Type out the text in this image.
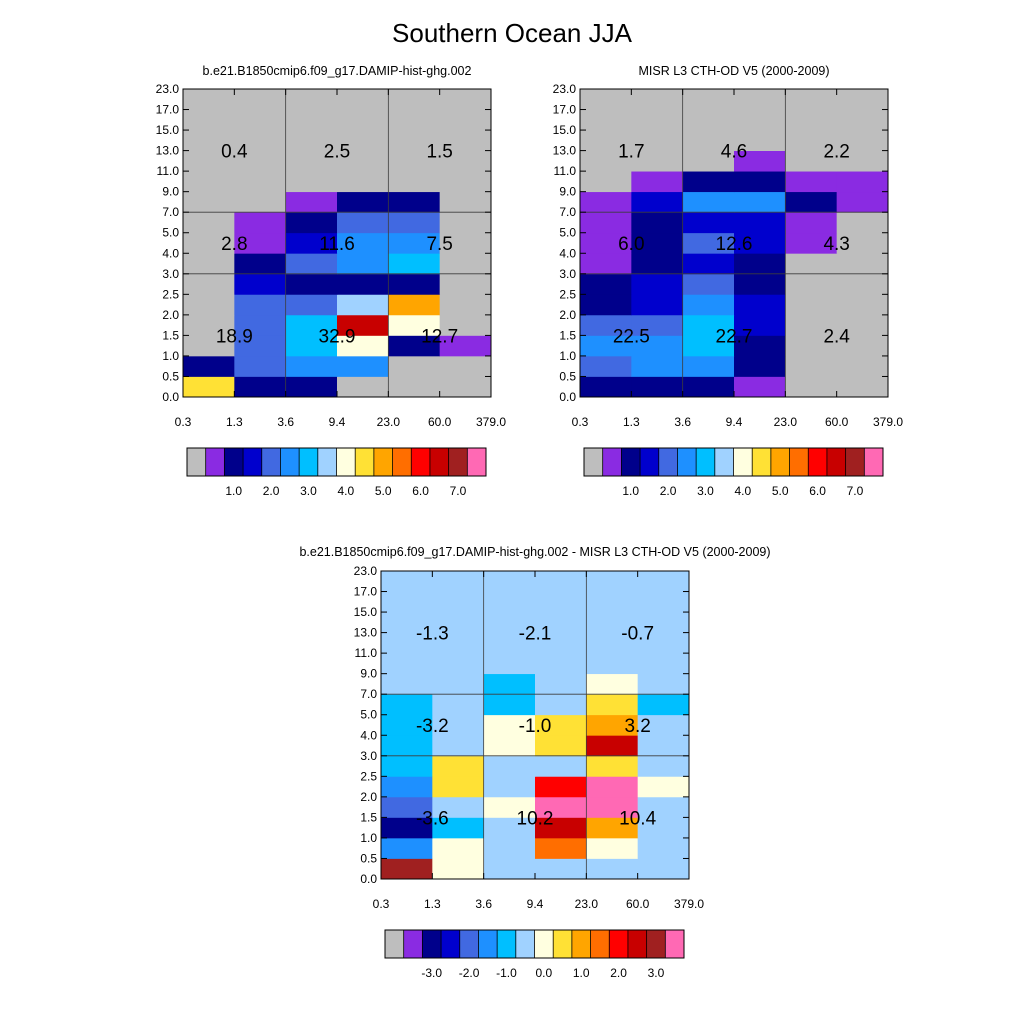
Southern Ocean JJA
b.e21.B1850cmip6.f09_g17.DAMIP-hist-ghg.002	MISR L3 CTH-OD V5 (2000-2009)
b.e21.B1850cmip6.f09_g17.DAMIP-hist-ghg.002 - MISR L3 CTH-OD V5 (2000-2009)
0.0
0.5
1.0
1.5
2.0
2.5
3.0
4.0
5.0
7.0
9.0
11.0
13.0
15.0
17.0
23.0
0.3	1.3	3.6	9.4	23.0 60.0 379.0
18.9	32.9	12.7
2.8	11.6	7.5
0.4	2.5	1.5
1.0 2.0 3.0 4.0 5.0 6.0 7.0
0.0
0.5
1.0
1.5
2.0
2.5
3.0
4.0
5.0
7.0
9.0
11.0
13.0
15.0
17.0
23.0
0.3	1.3	3.6	9.4	23.0 60.0 379.0
22.5	22.7	2.4
6.0	12.6	4.3
1.7	4.6	2.2
1.0 2.0 3.0 4.0 5.0 6.0 7.0
0.0
0.5
1.0
1.5
2.0
2.5
3.0
4.0
5.0
7.0
9.0
11.0
13.0
15.0
17.0
23.0
0.3	1.3	3.6	9.4	23.0 60.0 379.0
-3.6	10.2	10.4
-3.2	-1.0	3.2
-1.3	-2.1	-0.7
-3.0 -2.0 -1.0 0.0 1.0 2.0 3.0
